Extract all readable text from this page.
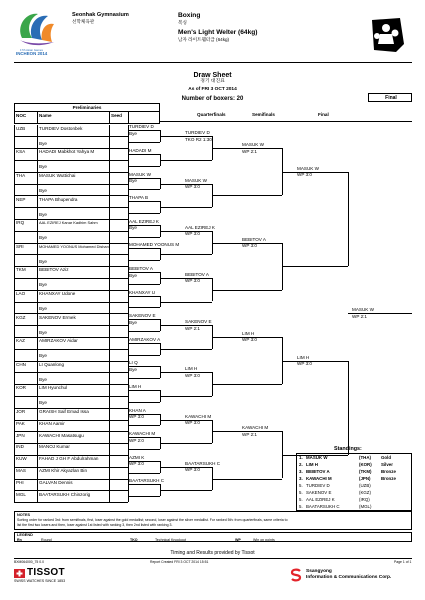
17th Asian Games
INCHEON 2014
Seonhak Gymnasium
선학체육관
Boxing
복싱
Men's Light Welter (64kg)
남자 라이트웰터급 (64kg)
Draw Sheet
경기 대진표
As of FRI 3 OCT 2014
Number of boxers: 20	Final
Preliminaries
NOC	Name	Seed	Quarterfinals	Semifinals	Final
UZB	TURDIEV Dostonbek
Bye
KSA	HADADI Mabkhot Yahya M
Bye
THA	MASUK Wuttichai
Bye
NEP	THAPA Bhupendra
Bye
IRQ	AAL EZIREJ Kanar Kadhim Sahm
Bye
SRI	MOHAMED YOONUS Mohamed Dishan
Bye
TKM	BEBITOV Aziz
Bye
LAO	KHANXAY Udone
Bye
KGZ	SAKENOV Ermek
Bye
KAZ	AMIRZAKOV Aidar
Bye
CHN	LI Quanlong
Bye
KOR	LIM Hyunchul
Bye
JOR	GRAISH Saif Emad Issa
PAK	KHAN Aamir
JPN	KAWACHI Masatsugu
IND	MANOJ Kumar
KUW	FAHAD J GH F Abdulrahman
MAS	AZMI Khir Akyazlan Bin
PHI	GALVAN Dennis
MGL	BAATARSUKH Chinzorig
TURDIEV D
Bye
HADADI M
MASUK W
Bye
THAPA B
AAL EZIREJ K
Bye
MOHAMED YOONUS M
BEBITOV A
Bye
KHANXAY U
SAKENOV E
Bye
AMIRZAKOV A
LI Q
Bye
LIM H
KHAN A
WP 3:0
KAWACHI M
WP 2:0
AZMI K
WP 3:0
BAATARSUKH C
TURDIEV D
TKO R2 1:30
MASUK W
WP 3:0
AAL EZIREJ K
WP 3:0
BEBITOV A
WP 3:0
SAKENOV E
WP 2:1
LIM H
WP 3:0
KAWACHI M
WP 3:0
BAATARSUKH C
WP 3:0
MASUK W
WP 2:1
BEBITOV A
WP 3:0
LIM H
WP 3:0
KAWACHI M
WP 2:1
MASUK W
WP 3:0
LIM H
WP 3:0
MASUK W
WP 2:1
Standings:
1. MASUK W	(THA) Gold
2. LIM H	(KOR) Silver
3. BEBITOV A	(TKM) Bronze
3. KAWACHI M	(JPN) Bronze
5. TURDIEV D	(UZB)
5. SAKENOV E	(KGZ)
5. AAL EZIREJ K	(IRQ)
5. BAATARSUKH C	(MGL)
NOTES
Sorting order for ranked 3rd: from semifinals, first, loser against the gold medallist; second, loser against the silver medallist. For ranked 5th: from quarterfinals, same criteria to
list the first two losers and then, loser against 1st listed with ranking 3, then 2nd listed with ranking 3.
LEGEND
Rn	Round	TKO	Technical Knockout	WP	Win on points
Timing and Results provided by Tissot
BXM064000_75 0.0	Report Created FRI 3 OCT 2014 15:51	Page 1 of 1
TISSOT
SWISS WATCHES SINCE 1853
Ssangyong
Information & Communications Corp.
